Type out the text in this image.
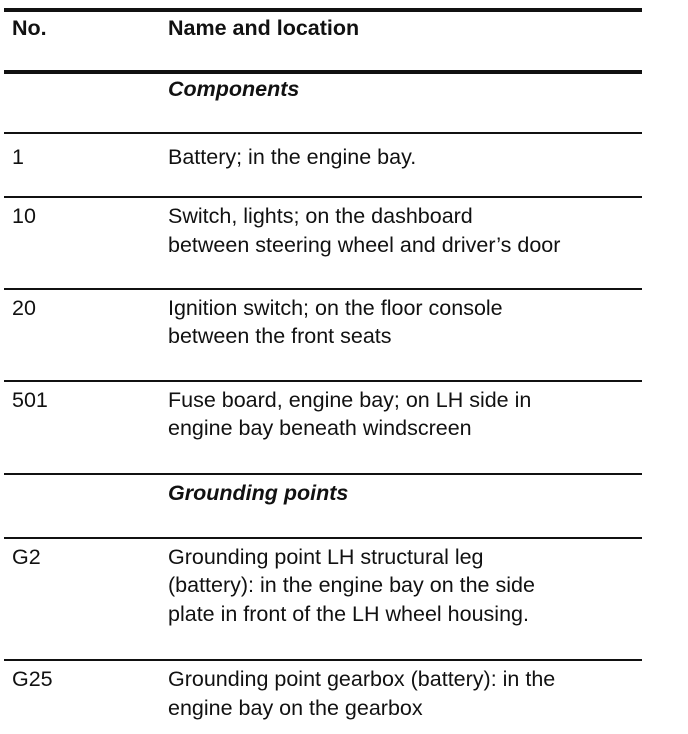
No.	Name and location
Components
1	Battery; in the engine bay.
10	Switch, lights; on the dashboard
between steering wheel and driver’s door
20	Ignition switch; on the floor console
between the front seats
501	Fuse board, engine bay; on LH side in
engine bay beneath windscreen
Grounding points
G2	Grounding point LH structural leg
(battery): in the engine bay on the side
plate in front of the LH wheel housing.
G25	Grounding point gearbox (battery): in the
engine bay on the gearbox
